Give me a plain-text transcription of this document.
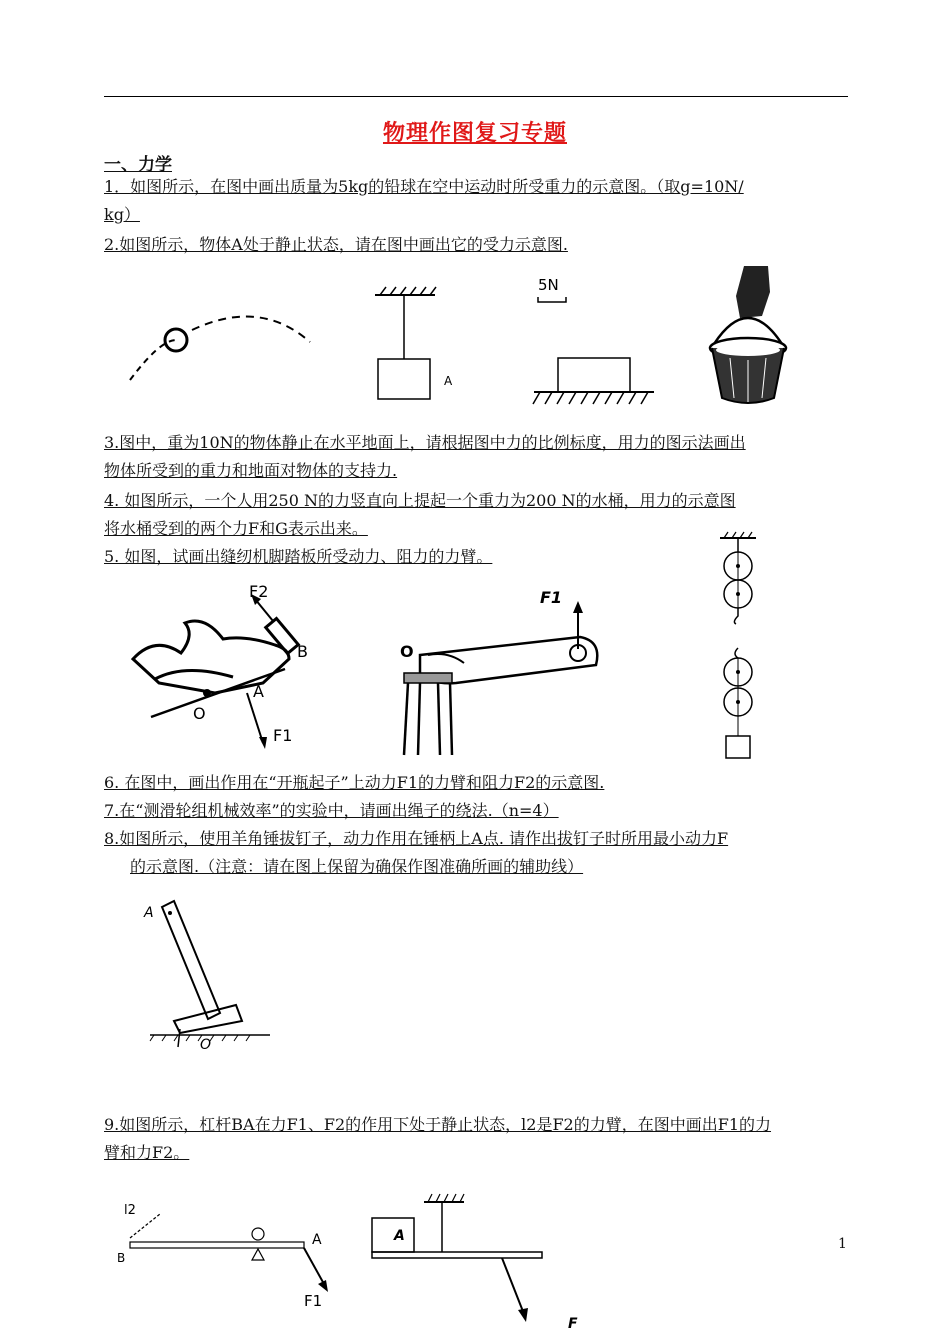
物理作图复习专题
一、力学
1．如图所示，在图中画出质量为5kg的铅球在空中运动时所受重力的示意图。（取g=10N/
kg）
2.如图所示，物体A处于静止状态，请在图中画出它的受力示意图.
A
5N
3.图中，重为10N的物体静止在水平地面上，请根据图中力的比例标度，用力的图示法画出
物体所受到的重力和地面对物体的支持力.
4. 如图所示，一个人用250 N的力竖直向上提起一个重力为200 N的水桶，用力的示意图
将水桶受到的两个力F和G表示出来。
5. 如图，试画出缝纫机脚踏板所受动力、阻力的力臂。
F2
B
A
O
F1
F1
O
6. 在图中，画出作用在“开瓶起子”上动力F1的力臂和阻力F2的示意图.
7.在“测滑轮组机械效率”的实验中，请画出绳子的绕法.（n=4）
8.如图所示，使用羊角锤拔钉子，动力作用在锤柄上A点. 请作出拔钉子时所用最小动力F
的示意图.（注意：请在图上保留为确保作图准确所画的辅助线）
A
O
9.如图所示，杠杆BA在力F1、F2的作用下处于静止状态，l2是F2的力臂，在图中画出F1的力
臂和力F2。
l2
B
A
F1
A
F
1
